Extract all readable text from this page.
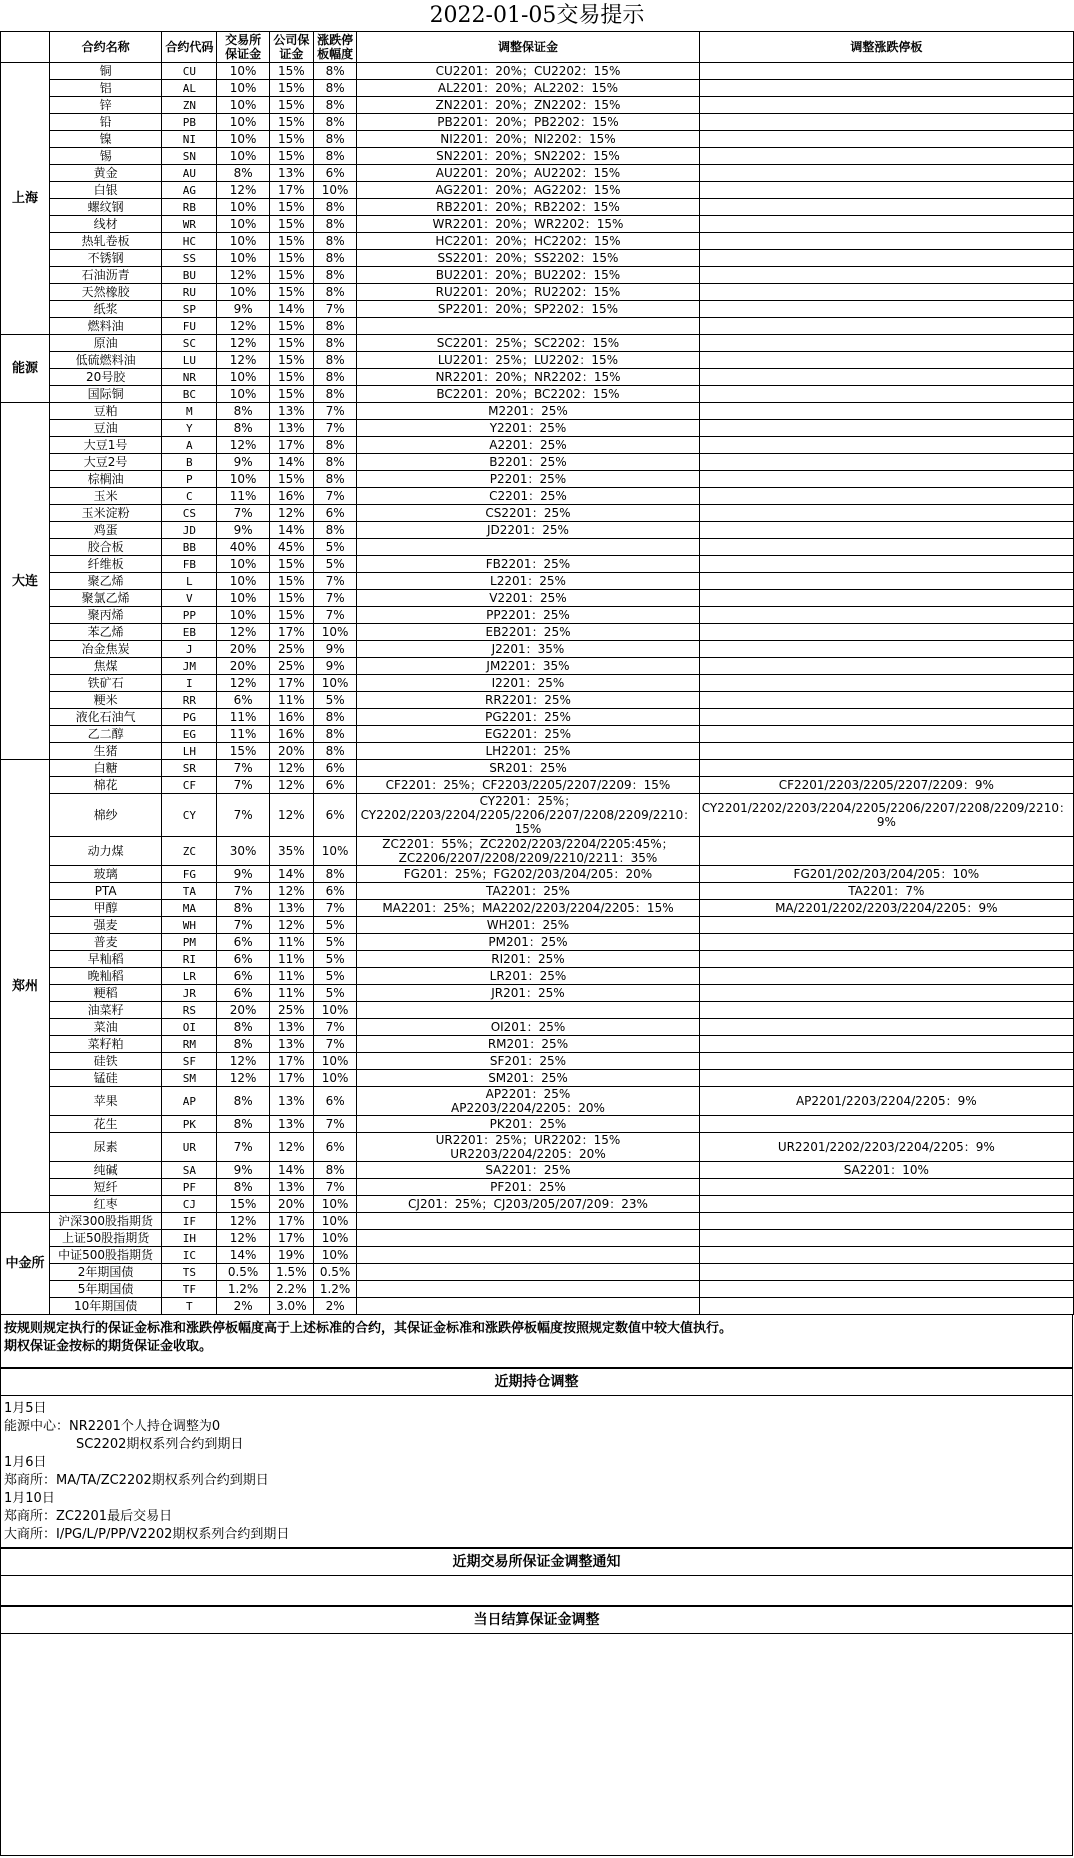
2022-01-05交易提示
	合约名称	合约代码	交易所保证金	公司保证金	涨跌停板幅度	调整保证金	调整涨跌停板
上海	铜	CU	10%	15%	8%	CU2201：20%；CU2202：15%	
	铝	AL	10%	15%	8%	AL2201：20%；AL2202：15%	
	锌	ZN	10%	15%	8%	ZN2201：20%；ZN2202：15%	
	铅	PB	10%	15%	8%	PB2201：20%；PB2202：15%	
	镍	NI	10%	15%	8%	NI2201：20%；NI2202：15%	
	锡	SN	10%	15%	8%	SN2201：20%；SN2202：15%	
	黄金	AU	8%	13%	6%	AU2201：20%；AU2202：15%	
	白银	AG	12%	17%	10%	AG2201：20%；AG2202：15%	
	螺纹钢	RB	10%	15%	8%	RB2201：20%；RB2202：15%	
	线材	WR	10%	15%	8%	WR2201：20%；WR2202：15%	
	热轧卷板	HC	10%	15%	8%	HC2201：20%；HC2202：15%	
	不锈钢	SS	10%	15%	8%	SS2201：20%；SS2202：15%	
	石油沥青	BU	12%	15%	8%	BU2201：20%；BU2202：15%	
	天然橡胶	RU	10%	15%	8%	RU2201：20%；RU2202：15%	
	纸浆	SP	9%	14%	7%	SP2201：20%；SP2202：15%	
	燃料油	FU	12%	15%	8%		
能源	原油	SC	12%	15%	8%	SC2201：25%；SC2202：15%	
	低硫燃料油	LU	12%	15%	8%	LU2201：25%；LU2202：15%	
	20号胶	NR	10%	15%	8%	NR2201：20%；NR2202：15%	
	国际铜	BC	10%	15%	8%	BC2201：20%；BC2202：15%	
大连	豆粕	M	8%	13%	7%	M2201：25%	
	豆油	Y	8%	13%	7%	Y2201：25%	
	大豆1号	A	12%	17%	8%	A2201：25%	
	大豆2号	B	9%	14%	8%	B2201：25%	
	棕榈油	P	10%	15%	8%	P2201：25%	
	玉米	C	11%	16%	7%	C2201：25%	
	玉米淀粉	CS	7%	12%	6%	CS2201：25%	
	鸡蛋	JD	9%	14%	8%	JD2201：25%	
	胶合板	BB	40%	45%	5%		
	纤维板	FB	10%	15%	5%	FB2201：25%	
	聚乙烯	L	10%	15%	7%	L2201：25%	
	聚氯乙烯	V	10%	15%	7%	V2201：25%	
	聚丙烯	PP	10%	15%	7%	PP2201：25%	
	苯乙烯	EB	12%	17%	10%	EB2201：25%	
	冶金焦炭	J	20%	25%	9%	J2201：35%	
	焦煤	JM	20%	25%	9%	JM2201：35%	
	铁矿石	I	12%	17%	10%	I2201：25%	
	粳米	RR	6%	11%	5%	RR2201：25%	
	液化石油气	PG	11%	16%	8%	PG2201：25%	
	乙二醇	EG	11%	16%	8%	EG2201：25%	
	生猪	LH	15%	20%	8%	LH2201：25%	
郑州	白糖	SR	7%	12%	6%	SR201：25%	
	棉花	CF	7%	12%	6%	CF2201：25%；CF2203/2205/2207/2209：15%	CF2201/2203/2205/2207/2209：9%
	棉纱	CY	7%	12%	6%	CY2201：25%；
CY2202/2203/2204/2205/2206/2207/2208/2209/2210：15%	CY2201/2202/2203/2204/2205/2206/2207/2208/2209/2210：9%
	动力煤	ZC	30%	35%	10%	ZC2201：55%；ZC2202/2203/2204/2205:45%；
ZC2206/2207/2208/2209/2210/2211：35%	
	玻璃	FG	9%	14%	8%	FG201：25%；FG202/203/204/205：20%	FG201/202/203/204/205：10%
	PTA	TA	7%	12%	6%	TA2201：25%	TA2201：7%
	甲醇	MA	8%	13%	7%	MA2201：25%；MA2202/2203/2204/2205：15%	MA/2201/2202/2203/2204/2205：9%
	强麦	WH	7%	12%	5%	WH201：25%	
	普麦	PM	6%	11%	5%	PM201：25%	
	早籼稻	RI	6%	11%	5%	RI201：25%	
	晚籼稻	LR	6%	11%	5%	LR201：25%	
	粳稻	JR	6%	11%	5%	JR201：25%	
	油菜籽	RS	20%	25%	10%		
	菜油	OI	8%	13%	7%	OI201：25%	
	菜籽粕	RM	8%	13%	7%	RM201：25%	
	硅铁	SF	12%	17%	10%	SF201：25%	
	锰硅	SM	12%	17%	10%	SM201：25%	
	苹果	AP	8%	13%	6%	AP2201：25%
AP2203/2204/2205：20%	AP2201/2203/2204/2205：9%
	花生	PK	8%	13%	7%	PK201：25%	
	尿素	UR	7%	12%	6%	UR2201：25%；UR2202：15%
UR2203/2204/2205：20%	UR2201/2202/2203/2204/2205：9%
	纯碱	SA	9%	14%	8%	SA2201：25%	SA2201：10%
	短纤	PF	8%	13%	7%	PF201：25%	
	红枣	CJ	15%	20%	10%	CJ201：25%；CJ203/205/207/209：23%	
中金所	沪深300股指期货	IF	12%	17%	10%		
	上证50股指期货	IH	12%	17%	10%		
	中证500股指期货	IC	14%	19%	10%		
	2年期国债	TS	0.5%	1.5%	0.5%		
	5年期国债	TF	1.2%	2.2%	1.2%		
	10年期国债	T	2%	3.0%	2%		
按规则规定执行的保证金标准和涨跌停板幅度高于上述标准的合约，其保证金标准和涨跌停板幅度按照规定数值中较大值执行。
期权保证金按标的期货保证金收取。
近期持仓调整
1月5日
能源中心：NR2201个人持仓调整为0
SC2202期权系列合约到期日
1月6日
郑商所：MA/TA/ZC2202期权系列合约到期日
1月10日
郑商所：ZC2201最后交易日
大商所：I/PG/L/P/PP/V2202期权系列合约到期日
近期交易所保证金调整通知
当日结算保证金调整
